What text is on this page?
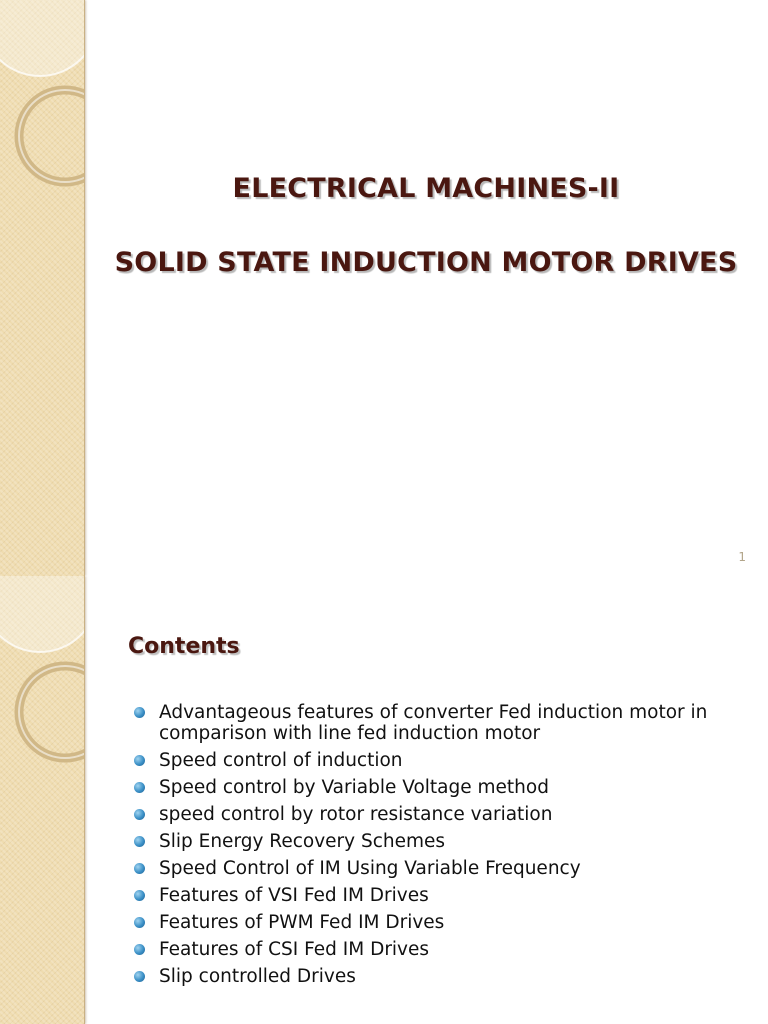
ELECTRICAL MACHINES-II
SOLID STATE INDUCTION MOTOR DRIVES
1
Contents
Advantageous features of converter Fed induction motor in comparison with line fed induction motor
Speed control of induction
Speed control by Variable Voltage method
speed control by rotor resistance variation
Slip Energy Recovery Schemes
Speed Control of IM Using Variable Frequency
Features of VSI Fed IM Drives
Features of PWM Fed IM Drives
Features of CSI Fed IM Drives
Slip controlled Drives
